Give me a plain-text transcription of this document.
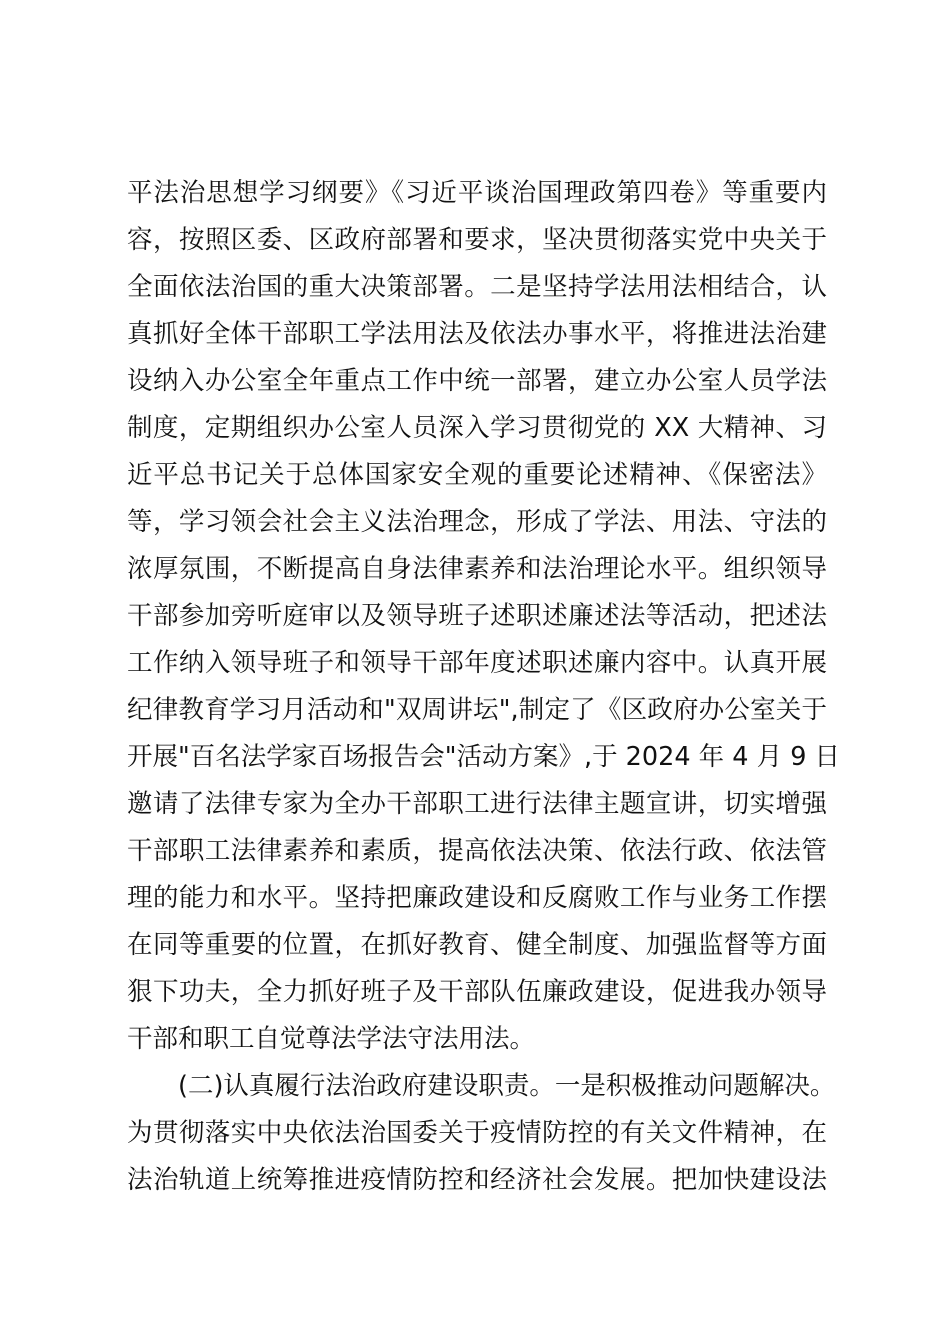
平法治思想学习纲要》《习近平谈治国理政第四卷》等重要内
容，按照区委、区政府部署和要求，坚决贯彻落实党中央关于
全面依法治国的重大决策部署。二是坚持学法用法相结合，认
真抓好全体干部职工学法用法及依法办事水平，将推进法治建
设纳入办公室全年重点工作中统一部署，建立办公室人员学法
制度，定期组织办公室人员深入学习贯彻党的 XX 大精神、习
近平总书记关于总体国家安全观的重要论述精神、《保密法》
等，学习领会社会主义法治理念，形成了学法、用法、守法的
浓厚氛围，不断提高自身法律素养和法治理论水平。组织领导
干部参加旁听庭审以及领导班子述职述廉述法等活动，把述法
工作纳入领导班子和领导干部年度述职述廉内容中。认真开展
纪律教育学习月活动和"双周讲坛",制定了《区政府办公室关于
开展"百名法学家百场报告会"活动方案》,于 2024 年 4 月 9 日
邀请了法律专家为全办干部职工进行法律主题宣讲，切实增强
干部职工法律素养和素质，提高依法决策、依法行政、依法管
理的能力和水平。坚持把廉政建设和反腐败工作与业务工作摆
在同等重要的位置，在抓好教育、健全制度、加强监督等方面
狠下功夫，全力抓好班子及干部队伍廉政建设，促进我办领导
干部和职工自觉尊法学法守法用法。
(二)认真履行法治政府建设职责。一是积极推动问题解决。
为贯彻落实中央依法治国委关于疫情防控的有关文件精神，在
法治轨道上统筹推进疫情防控和经济社会发展。把加快建设法
